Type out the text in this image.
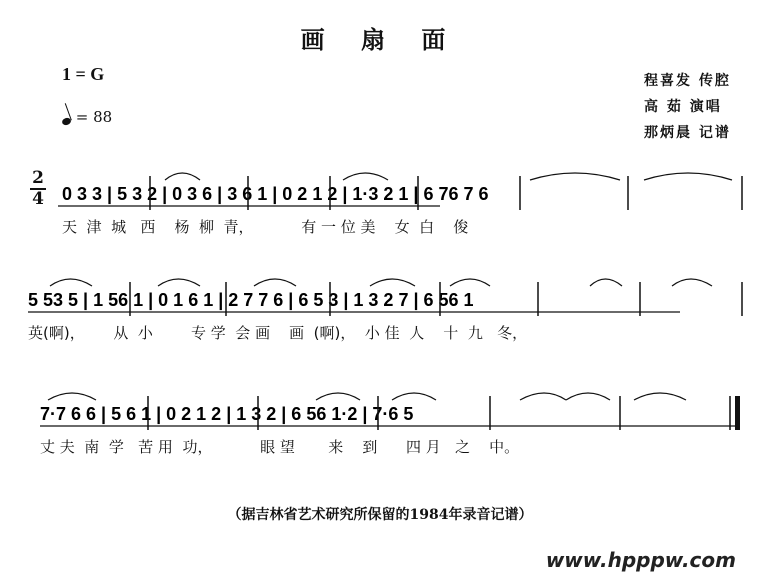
画 扇 面
1 = G
= 88
程喜发 传腔
高 茹 演唱
那炳晨 记谱
2
4 0 3 3 | 5 3 2 | 0 3 6 | 3 6 1 | 0 2 1 2 | 1·3 2 1 | 6 76 7 6
5 53 5 | 1 56 1 | 0 1 6 1 | 2 7 7 6 | 6 5 3 | 1 3 2 7 | 6 56 1
7·7 6 6 | 5 6 1 | 0 2 1 2 | 1 3 2 | 6 56 1·2 | 7·6 5
天  津  城   西    杨  柳  青，          有 一 位 美    女  白    俊
英(啊)，      从  小        专 学  会 画    画  (啊)，  小 佳  人    十  九   冬，
丈 夫  南  学   苦 用  功，          眼 望       来    到      四 月   之    中。
（据吉林省艺术研究所保留的1984年录音记谱）
www.hpppw.com
